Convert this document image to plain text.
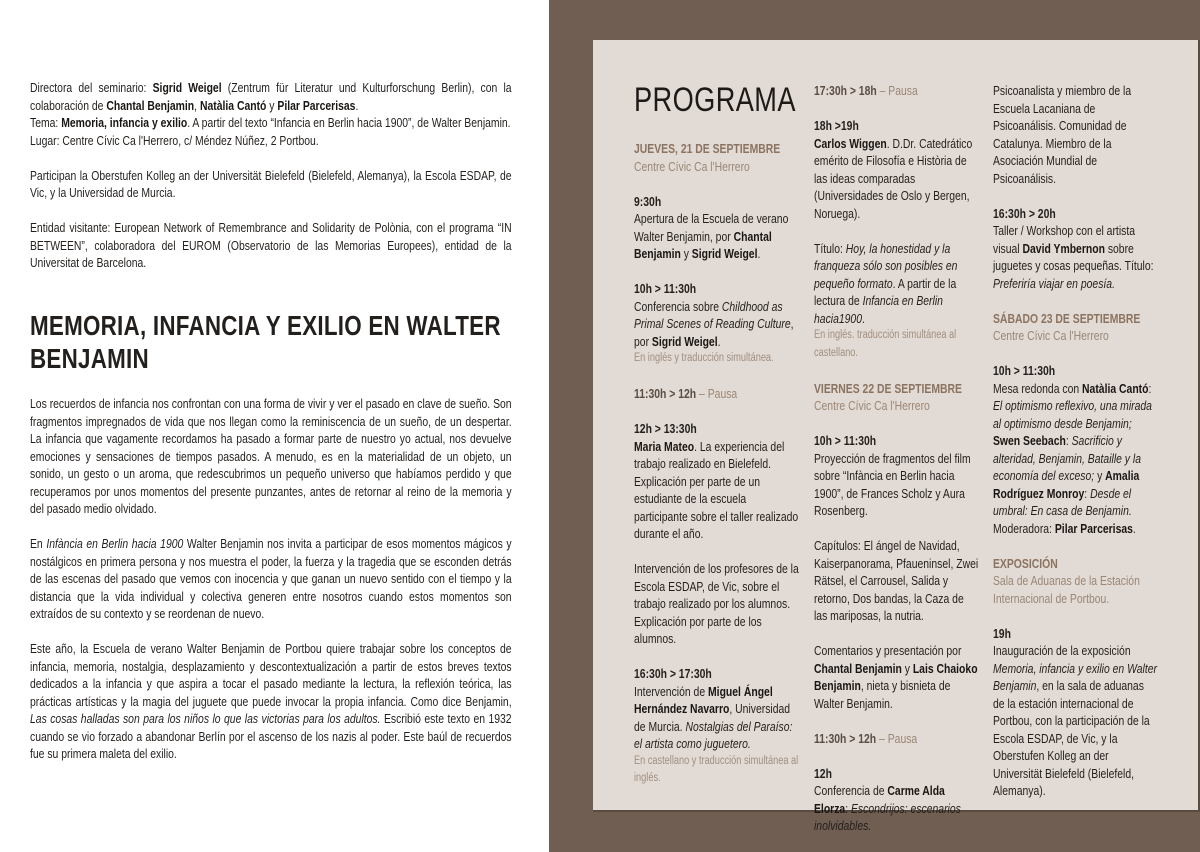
Directora del seminario: Sigrid Weigel (Zentrum für Literatur und Kulturforschung Berlin), con la colaboración de Chantal Benjamin, Natàlia Cantó y Pilar Parcerisas.

Tema: Memoria, infancia y exilio. A partir del texto “Infancia en Berlin hacia 1900”, de Walter Benjamin.

Lugar: Centre Cívic Ca l'Herrero, c/ Méndez Núñez, 2 Portbou.

Participan la Oberstufen Kolleg an der Universität Bielefeld (Bielefeld, Alemanya), la Escola ESDAP, de Vic, y la Universidad de Murcia.

Entidad visitante: European Network of Remembrance and Solidarity de Polònia, con el programa “IN BETWEEN”, colaboradora del EUROM (Observatorio de las Memorias Europees), entidad de la Universitat de Barcelona.

MEMORIA, INFANCIA Y EXILIO EN WALTER BENJAMIN

Los recuerdos de infancia nos confrontan con una forma de vivir y ver el pasado en clave de sueño. Son fragmentos impregnados de vida que nos llegan como la reminiscencia de un sueño, de un despertar. La infancia que vagamente recordamos ha pasado a formar parte de nuestro yo actual, nos devuelve emociones y sensaciones de tiempos pasados. A menudo, es en la materialidad de un objeto, un sonido, un gesto o un aroma, que redescubrimos un pequeño universo que habíamos perdido y que recuperamos por unos momentos del presente punzantes, antes de retornar al reino de la memoria y del pasado medio olvidado.

En Infància en Berlin hacia 1900 Walter Benjamin nos invita a participar de esos momentos mágicos y nostálgicos en primera persona y nos muestra el poder, la fuerza y la tragedia que se esconden detrás de las escenas del pasado que vemos con inocencia y que ganan un nuevo sentido con el tiempo y la distancia que la vida individual y colectiva generen entre nosotros cuando estos momentos son extraídos de su contexto y se reordenan de nuevo.

Este año, la Escuela de verano Walter Benjamin de Portbou quiere trabajar sobre los conceptos de infancia, memoria, nostalgia, desplazamiento y descontextualización a partir de estos breves textos dedicados a la infancia y que aspira a tocar el pasado mediante la lectura, la reflexión teórica, las prácticas artísticas y la magia del juguete que puede invocar la propia infancia. Como dice Benjamin, Las cosas halladas son para los niños lo que las victorias para los adultos. Escribió este texto en 1932 cuando se vio forzado a abandonar Berlín por el ascenso de los nazis al poder. Este baúl de recuerdos fue su primera maleta del exilio.

PROGRAMA
JUEVES, 21 DE SEPTIEMBRE
Centre Cívic Ca l'Herrero
9:30h
Apertura de la Escuela de verano Walter Benjamin, por Chantal Benjamin y Sigrid Weigel.
10h > 11:30h
Conferencia sobre Childhood as Primal Scenes of Reading Culture, por Sigrid Weigel.
En inglés y traducción simultánea.
11:30h > 12h – Pausa
12h > 13:30h
Maria Mateo. La experiencia del trabajo realizado en Bielefeld. Explicación per parte de un estudiante de la escuela participante sobre el taller realizado durante el año.
Intervención de los profesores de la Escola ESDAP, de Vic, sobre el trabajo realizado por los alumnos. Explicación por parte de los alumnos.
16:30h > 17:30h
Intervención de Miguel Ángel Hernández Navarro, Universidad de Murcia. Nostalgias del Paraíso: el artista como juguetero.
En castellano y traducción simultánea al inglés.
17:30h > 18h – Pausa
18h >19h
Carlos Wiggen. D.Dr. Catedrático emérito de Filosofía e Història de las ideas comparadas (Universidades de Oslo y Bergen, Noruega).
Título: Hoy, la honestidad y la franqueza sólo son posibles en pequeño formato. A partir de la lectura de Infancia en Berlin hacia1900.
En inglés. traducción simultánea al castellano.
VIERNES 22 DE SEPTIEMBRE
Centre Cívic Ca l'Herrero
10h > 11:30h
Proyección de fragmentos del film sobre “Infància en Berlin hacia 1900”, de Frances Scholz y Aura Rosenberg.
Capítulos: El ángel de Navidad, Kaiserpanorama, Pfaueninsel, Zwei Rätsel, el Carrousel, Salida y retorno, Dos bandas, la Caza de las mariposas, la nutria.
Comentarios y presentación por Chantal Benjamin y Lais Chaioko Benjamin, nieta y bisnieta de Walter Benjamin.
11:30h > 12h – Pausa
12h
Conferencia de Carme Alda Elorza: Escondrijos: escenarios inolvidables.
Psicoanalista y miembro de la Escuela Lacaniana de Psicoanálisis. Comunidad de Catalunya. Miembro de la Asociación Mundial de Psicoanálisis.
16:30h > 20h
Taller / Workshop con el artista visual David Ymbernon sobre juguetes y cosas pequeñas. Título: Preferiría viajar en poesía.
SÁBADO 23 DE SEPTIEMBRE
Centre Cívic Ca l'Herrero
10h > 11:30h
Mesa redonda con Natàlia Cantó: El optimismo reflexivo, una mirada al optimismo desde Benjamin; Swen Seebach: Sacrificio y alteridad, Benjamin, Bataille y la economía del exceso; y Amalia Rodríguez Monroy: Desde el umbral: En casa de Benjamin. Moderadora: Pilar Parcerisas.
EXPOSICIÓN
Sala de Aduanas de la Estación Internacional de Portbou.
19h
Inauguración de la exposición Memoria, infancia y exilio en Walter Benjamin, en la sala de aduanas de la estación internacional de Portbou, con la participación de la Escola ESDAP, de Vic, y la Oberstufen Kolleg an der Universität Bielefeld (Bielefeld, Alemanya).
